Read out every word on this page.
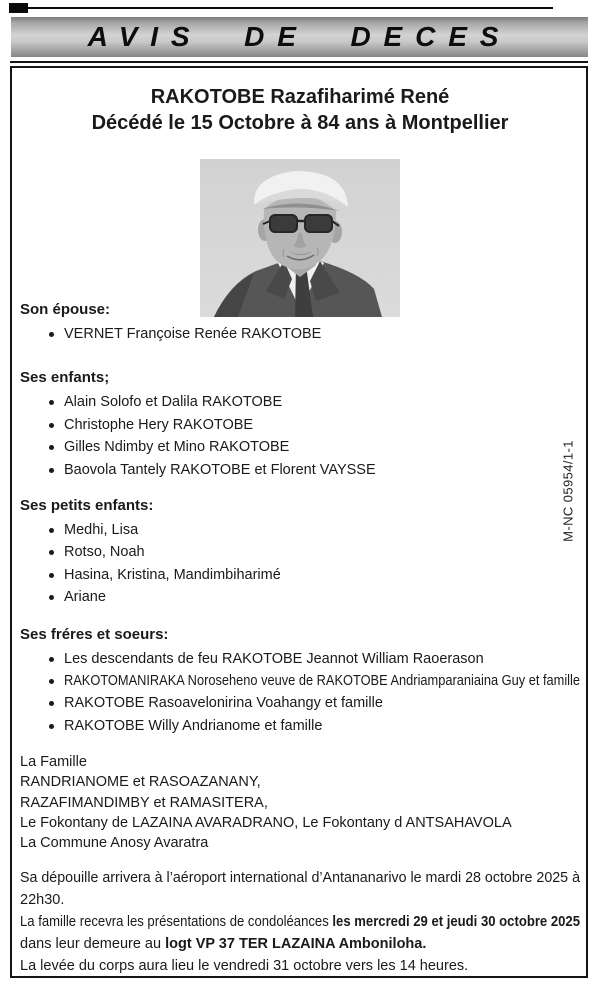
AVIS DE DECES
RAKOTOBE Razafiharimé René
Décédé le 15 Octobre à 84 ans à Montpellier
Son épouse:
VERNET Françoise Renée RAKOTOBE
Ses enfants;
Alain Solofo et Dalila RAKOTOBE
Christophe Hery RAKOTOBE
Gilles Ndimby et Mino RAKOTOBE
Baovola Tantely RAKOTOBE et Florent VAYSSE
Ses petits enfants:
Medhi, Lisa
Rotso, Noah
Hasina, Kristina, Mandimbiharimé
Ariane
Ses fréres et soeurs:
Les descendants de feu RAKOTOBE Jeannot William Raoerason
RAKOTOMANIRAKA Noroseheno veuve de RAKOTOBE Andriamparaniaina Guy et famille
RAKOTOBE Rasoavelonirina Voahangy et famille
RAKOTOBE Willy Andrianome et famille
La Famille
RANDRIANOME et RASOAZANANY,
RAZAFIMANDIMBY et RAMASITERA,
Le Fokontany de LAZAINA AVARADRANO, Le Fokontany d ANTSAHAVOLA
La Commune Anosy Avaratra
Sa dépouille arrivera à l’aéroport international d’Antananarivo le mardi 28 octobre 2025 à
22h30.
La famille recevra les présentations de condoléances les mercredi 29 et jeudi 30 octobre 2025
dans leur demeure au logt VP 37 TER LAZAINA Amboniloha.
La levée du corps aura lieu le vendredi 31 octobre vers les 14 heures.
M-NC 05954/1-1
